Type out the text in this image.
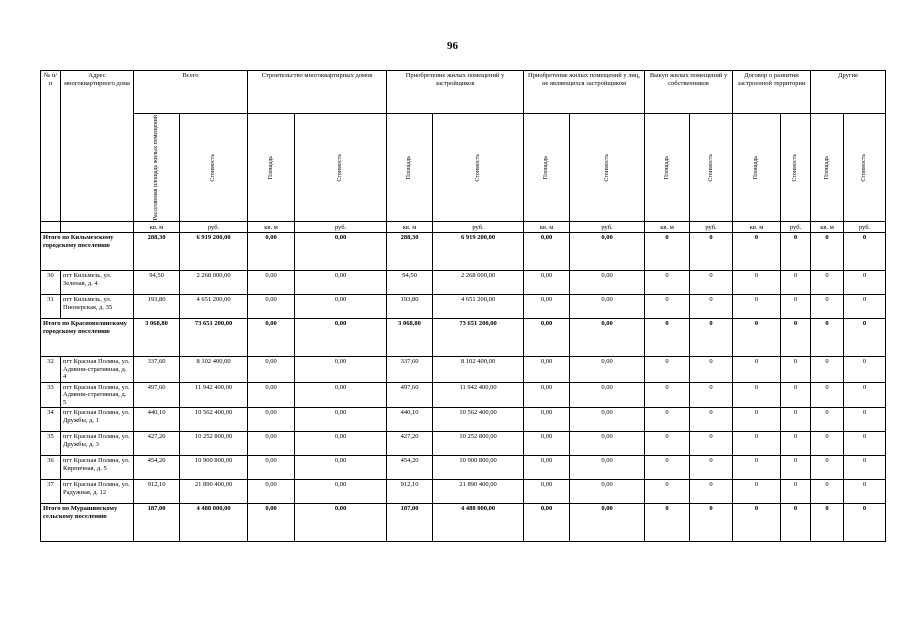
96
№ п/п	Адрес многоквартирного дома	Всего		Строительство многоквартирных домов		Приобретение жилых помещений у застройщиков		Приобретение жилых помещений у лиц, не являющихся застройщиком		Выкуп жилых помещений у собственников		Договор о развитии застроенной территории		Другие	

		Расселяемая площадь жилых помещений	Стоимость	Площадь	Стоимость	Площадь	Стоимость	Площадь	Стоимость	Площадь	Стоимость	Площадь	Стоимость	Площадь	Стоимость

		кв. м	руб.	кв. м	руб.	кв. м	руб.	кв. м	руб.	кв. м	руб.	кв. м	руб.	кв. м	руб.
Итого по Кильмезскому городскому поселению		288,30	6 919 200,00	0,00	0,00	288,30	6 919 200,00	0,00	0,00	0	0	0	0	0	0
30	пгт Кильмезь, ул. Зеленая, д. 4	94,50	2 268 000,00	0,00	0,00	94,50	2 268 000,00	0,00	0,00	0	0	0	0	0	0
31	пгт Кильмезь, ул. Пионерская, д. 35	193,80	4 651 200,00	0,00	0,00	193,80	4 651 200,00	0,00	0,00	0	0	0	0	0	0
Итого по Красноволянскому городскому поселению		3 068,80	73 651 200,00	0,00	0,00	3 068,80	73 651 200,00	0,00	0,00	0	0	0	0	0	0
32	пгт Красная Поляна, ул. Админи-стративная, д. 4	337,60	8 102 400,00	0,00	0,00	337,60	8 102 400,00	0,00	0,00	0	0	0	0	0	0
33	пгт Красная Поляна, ул. Админи-стративная, д. 5	497,60	11 942 400,00	0,00	0,00	497,60	11 942 400,00	0,00	0,00	0	0	0	0	0	0
34	пгт Красная Поляна, ул. Дружбы, д. 1	440,10	10 562 400,00	0,00	0,00	440,10	10 562 400,00	0,00	0,00	0	0	0	0	0	0
35	пгт Красная Поляна, ул. Дружбы, д. 3	427,20	10 252 800,00	0,00	0,00	427,20	10 252 800,00	0,00	0,00	0	0	0	0	0	0
36	пгт Красная Поляна, ул. Кирпичная, д. 5	454,20	10 900 800,00	0,00	0,00	454,20	10 900 800,00	0,00	0,00	0	0	0	0	0	0
37	пгт Красная Поляна, ул. Радужная, д. 12	912,10	21 890 400,00	0,00	0,00	912,10	21 890 400,00	0,00	0,00	0	0	0	0	0	0
Итого по Мурашинскому сельскому поселению		187,00	4 488 000,00	0,00	0,00	187,00	4 488 000,00	0,00	0,00	0	0	0	0	0	0
